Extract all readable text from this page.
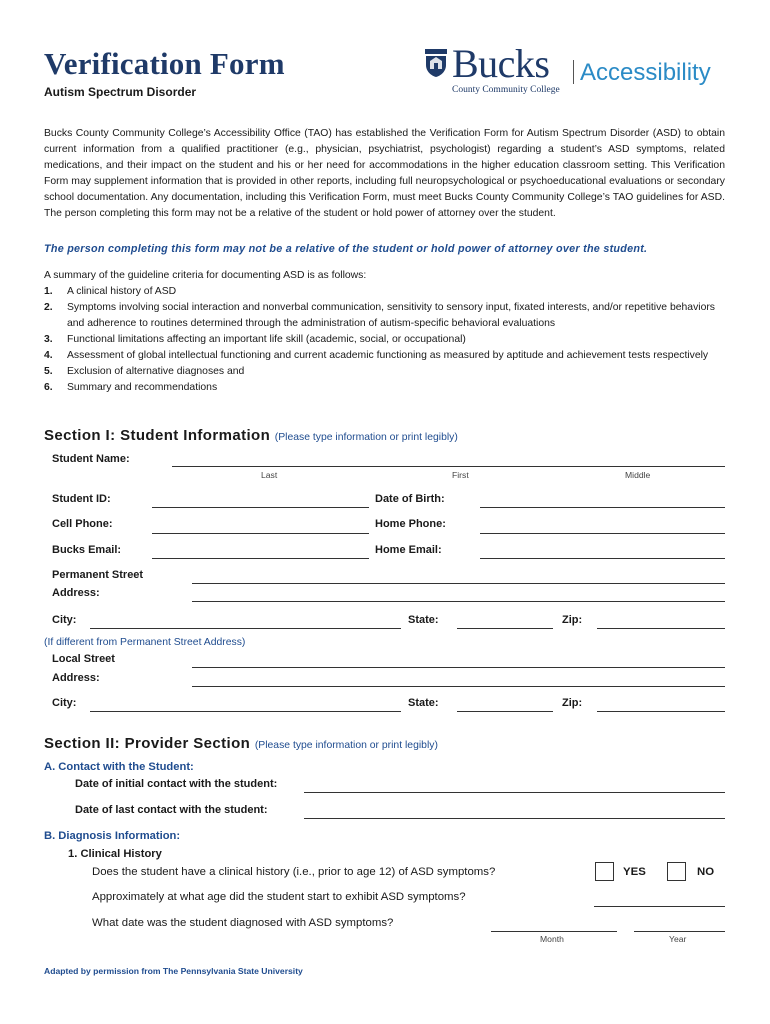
Verification Form
Autism Spectrum Disorder
Bucks
County Community College
Accessibility
Bucks County Community College’s Accessibility Office (TAO) has established the Verification Form for Autism Spectrum Disorder (ASD) to obtain current information from a qualified practitioner (e.g., physician, psychiatrist, psychologist) regarding a student’s ASD symptoms, related medications, and their impact on the student and his or her need for accommodations in the higher education classroom setting. This Verification Form may supplement information that is provided in other reports, including full neuropsychological or psychoeducational evaluations or secondary school documentation. Any documentation, including this Verification Form, must meet Bucks County Community College’s TAO guidelines for ASD. The person completing this form may not be a relative of the student or hold power of attorney over the student.
The person completing this form may not be a relative of the student or hold power of attorney over the student.
A summary of the guideline criteria for documenting ASD is as follows:
1.	A clinical history of ASD
2.	Symptoms involving social interaction and nonverbal communication, sensitivity to sensory input, fixated interests, and/or repetitive behaviors and adherence to routines determined through the administration of autism-specific behavioral evaluations
3.	Functional limitations affecting an important life skill (academic, social, or occupational)
4.	Assessment of global intellectual functioning and current academic functioning as measured by aptitude and achievement tests respectively
5.	Exclusion of alternative diagnoses and
6.	Summary and recommendations
Section I: Student Information (Please type information or print legibly)
Student Name:
Last	First	Middle
Student ID:	Date of Birth:
Cell Phone:	Home Phone:
Bucks Email:	Home Email:
Permanent Street
Address:
City:	State:	Zip:
(If different from Permanent Street Address)
Local Street
Address:
City:	State:	Zip:
Section II: Provider Section (Please type information or print legibly)
A. Contact with the Student:
Date of initial contact with the student:
Date of last contact with the student:
B. Diagnosis Information:
1. Clinical History
Does the student have a clinical history (i.e., prior to age 12) of ASD symptoms?	YES	NO
Approximately at what age did the student start to exhibit ASD symptoms?
What date was the student diagnosed with ASD symptoms?
Month	Year
Adapted by permission from The Pennsylvania State University
